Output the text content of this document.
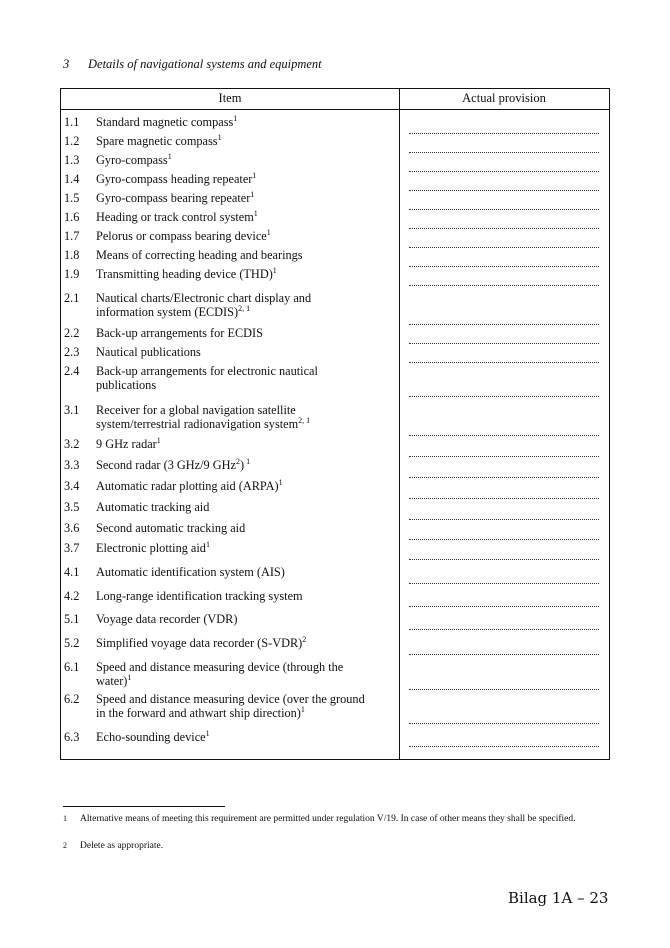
3 Details of navigational systems and equipment
Item	Actual provision
1.1 Standard magnetic compass$^1$
1.2 Spare magnetic compass$^1$
1.3 Gyro-compass$^1$
1.4 Gyro-compass heading repeater$^1$
1.5 Gyro-compass bearing repeater$^1$
1.6 Heading or track control system$^1$
1.7 Pelorus or compass bearing device$^1$
1.8 Means of correcting heading and bearings
1.9 Transmitting heading device (THD)$^1$
2.1 Nautical charts/Electronic chart display and
information system (ECDIS)$^{2, 1}$
2.2 Back-up arrangements for ECDIS
2.3 Nautical publications
2.4 Back-up arrangements for electronic nautical
publications
3.1 Receiver for a global navigation satellite
system/terrestrial radionavigation system$^{2, 1}$
3.2 9 GHz radar$^1$
3.3 Second radar (3 GHz/9 GHz$^2$) $^1$
3.4 Automatic radar plotting aid (ARPA)$^1$
3.5 Automatic tracking aid
3.6 Second automatic tracking aid
3.7 Electronic plotting aid$^1$
4.1 Automatic identification system (AIS)
4.2 Long-range identification tracking system
5.1 Voyage data recorder (VDR)
5.2 Simplified voyage data recorder $(S-VDR)^2$
6.1 Speed and distance measuring device (through the
water)$^1$
6.2 Speed and distance measuring device (over the ground
in the forward and athwart ship direction)$^1$
6.3 Echo-sounding device$^1$
1 Alternative means of meeting this requirement are permitted under regulation V/19. In case of other means they shall be specified.
2 Delete as appropriate.
Bilag 1A – 23
